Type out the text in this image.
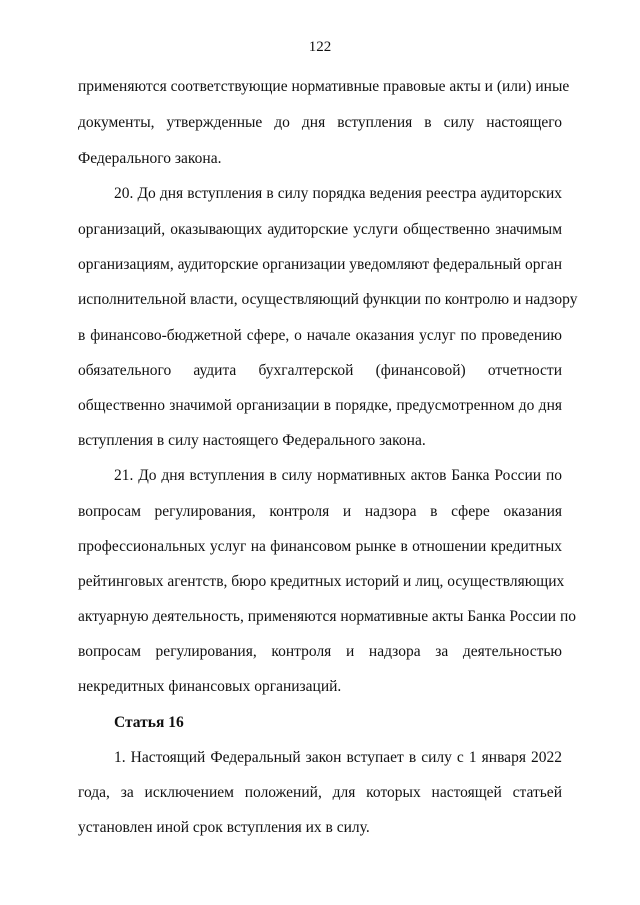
122
применяются соответствующие нормативные правовые акты и (или) иные
документы, утвержденные до дня вступления в силу настоящего
Федерального закона.
20. До дня вступления в силу порядка ведения реестра аудиторских
организаций, оказывающих аудиторские услуги общественно значимым
организациям, аудиторские организации уведомляют федеральный орган
исполнительной власти, осуществляющий функции по контролю и надзору
в финансово-бюджетной сфере, о начале оказания услуг по проведению
обязательного аудита бухгалтерской (финансовой) отчетности
общественно значимой организации в порядке, предусмотренном до дня
вступления в силу настоящего Федерального закона.
21. До дня вступления в силу нормативных актов Банка России по
вопросам регулирования, контроля и надзора в сфере оказания
профессиональных услуг на финансовом рынке в отношении кредитных
рейтинговых агентств, бюро кредитных историй и лиц, осуществляющих
актуарную деятельность, применяются нормативные акты Банка России по
вопросам регулирования, контроля и надзора за деятельностью
некредитных финансовых организаций.
Статья 16
1. Настоящий Федеральный закон вступает в силу с 1 января 2022
года, за исключением положений, для которых настоящей статьей
установлен иной срок вступления их в силу.
